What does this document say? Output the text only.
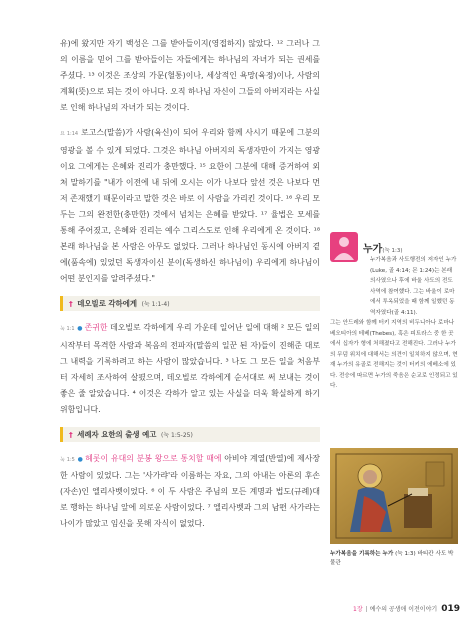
유)에 왔지만 자기 백성은 그를 받아들이지(영접하지) 않았다. ¹² 그러나 그의 이름을 믿어 그를 받아들이는 자들에게는 하나님의 자녀가 되는 권세를 주셨다. ¹³ 이것은 조상의 가문(혈통)이나, 세상적인 욕망(육정)이나, 사람의 계획(뜻)으로 되는 것이 아니다. 오직 하나님 자신이 그들의 아버지라는 사실로 인해 하나님의 자녀가 되는 것이다.

요 1:14 로고스(말씀)가 사람(육신)이 되어 우리와 함께 사시기 때문에 그분의 영광을 볼 수 있게 되었다. 그것은 하나님 아버지의 독생자만이 가지는 영광이요 그에게는 은혜와 진리가 충만했다. ¹⁵ 요한이 그분에 대해 증거하여 외쳐 말하기를 "내가 이전에 내 뒤에 오시는 이가 나보다 앞선 것은 나보다 먼저 존재했기 때문이라고 말한 것은 바로 이 사람을 가리킨 것이다. ¹⁶ 우리 모두는 그의 완전한(충만한) 것에서 넘치는 은혜를 받았다. ¹⁷ 율법은 모세를 통해 주어졌고, 은혜와 진리는 예수 그리스도로 인해 우리에게 온 것이다. ¹⁸ 본래 하나님을 본 사람은 아무도 없었다. 그러나 하나님인 동시에 아버지 곁에(품속에) 있었던 독생자이신 분이(독생하신 하나님이) 우리에게 하나님이 어떤 분인지를 알려주셨다."

† 데오빌로 각하에게 (눅 1:1-4)

눅 1:1 ● 존귀한 데오빌로 각하에게 우리 가운데 일어난 일에 대해 ² 모든 일의 시작부터 목격한 사람과 복음의 전파자(말씀의 일꾼 된 자)들이 진해준 대로 그 내력을 기록하려고 하는 사람이 많았습니다. ³ 나도 그 모든 일을 처음부터 자세히 조사하여 살폈으며, 데오빌로 각하에게 순서대로 써 보내는 것이 좋은 줄 알았습니다. ⁴ 이것은 각하가 알고 있는 사실을 더욱 확실하게 하기 위함입니다.

† 세례자 요한의 출생 예고 (눅 1:5-25)

눅 1:5 ● 헤롯이 유대의 분봉 왕으로 통치할 때에 아비야 계열(반열)에 제사장 한 사람이 있었다. 그는 '사가랴'라 이름하는 자요, 그의 아내는 아론의 후손(자손)인 엘리사벳이었다. ⁶ 이 두 사람은 주님의 모든 계명과 법도(규례)대로 행하는 하나님 앞에 의로운 사람이었다. ⁷ 엘리사벳과 그의 남편 사가랴는 나이가 많았고 임신을 못해 자식이 없었다.

누가(눅 1:3)

누가복음과 사도행전의 저자인 누가(Luke, 골 4:14; 몬 1:24)는 본래 의사였으나 후에 바울 사도의 전도사역에 참여했다. 그는 바울이 로마에서 투옥되었을 때 함께 일했던 동역자였다(골 4:11).

그는 안드레와 함께 터키 지역의 비두니아나 로마나 베오티아의 테베(Thebes), 혹은 피트라스 중 한 곳에서 십자가 형에 처해졌다고 전해진다. 그러나 누가의 무덤 위치에 대해서는 의견이 일치하지 않으며, 현재 누가의 유골로 전해지는 것이 터키의 에베소에 있다. 전승에 따르면 누가의 죽음은 순교로 인정되고 있다.

누가복음을 기록하는 누가 (눅 1:3) 바티칸 사도 박물관
1장 예수의 공생애 이전이야기 019
